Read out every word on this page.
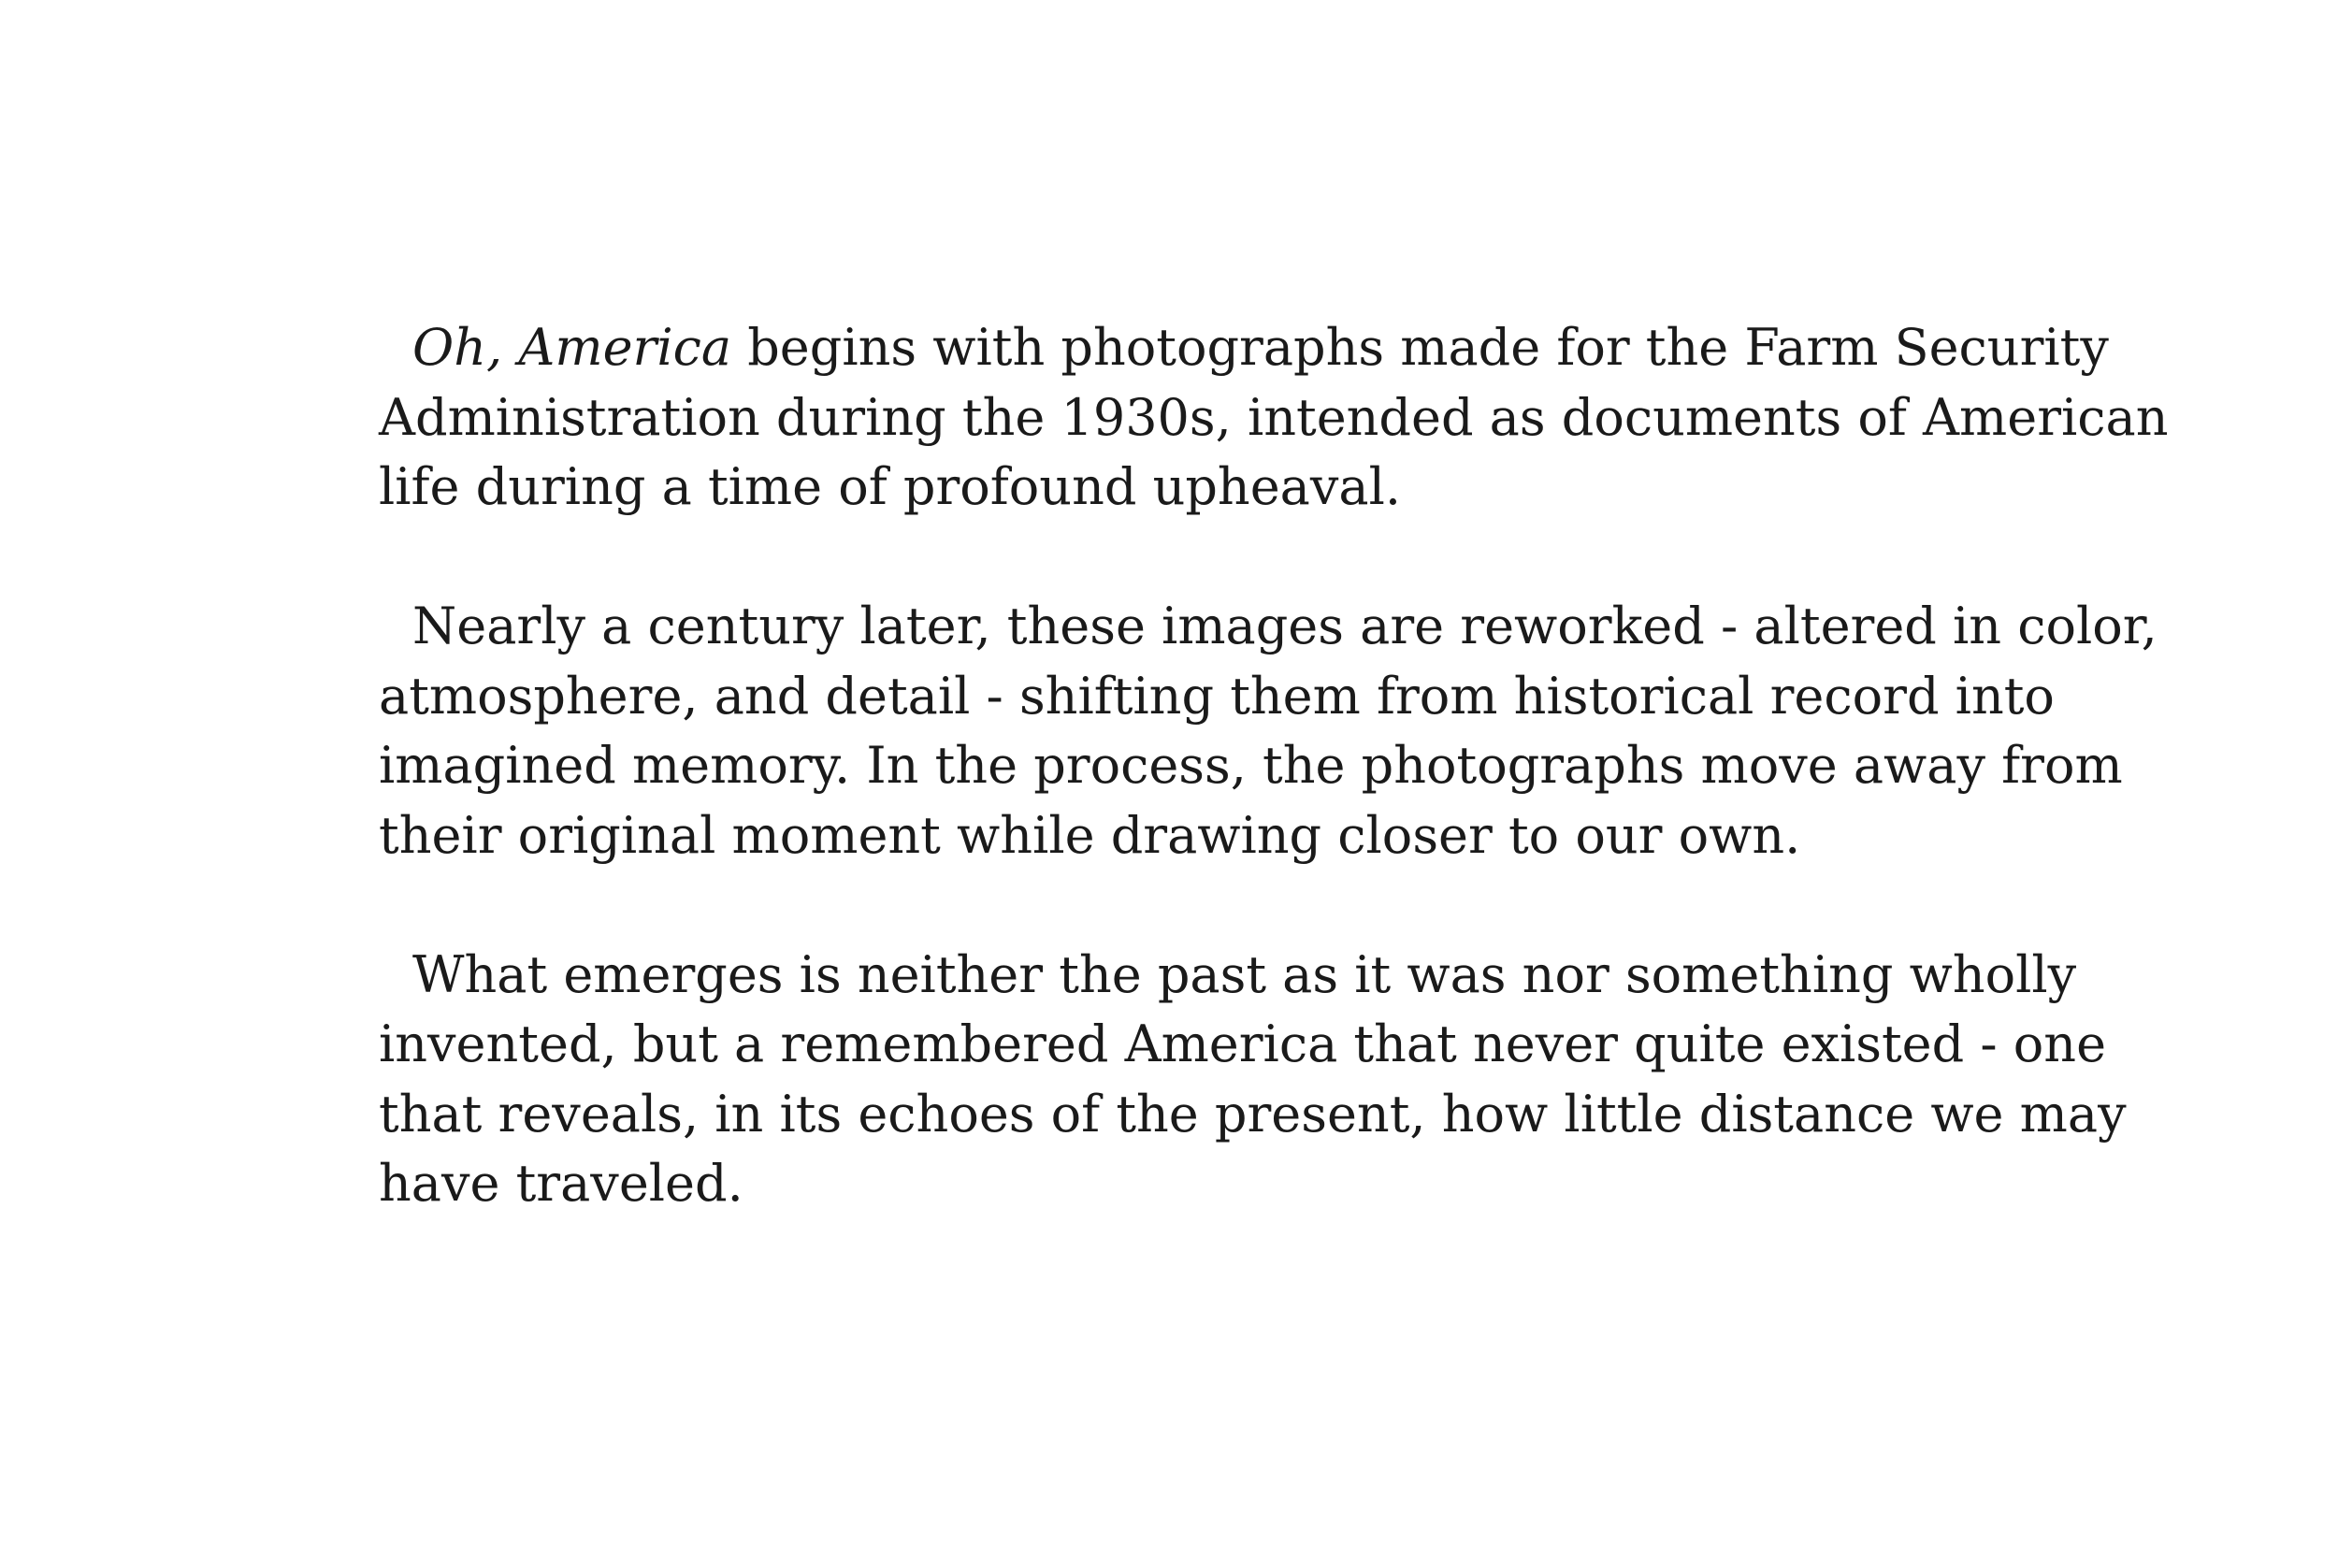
Oh, America begins with photographs made for the Farm Security
Administration during the 1930s, intended as documents of American
life during a time of profound upheaval.
Nearly a century later, these images are reworked - altered in color,
atmosphere, and detail - shifting them from historical record into
imagined memory. In the process, the photographs move away from
their original moment while drawing closer to our own.
What emerges is neither the past as it was nor something wholly
invented, but a remembered America that never quite existed - one
that reveals, in its echoes of the present, how little distance we may
have traveled.
